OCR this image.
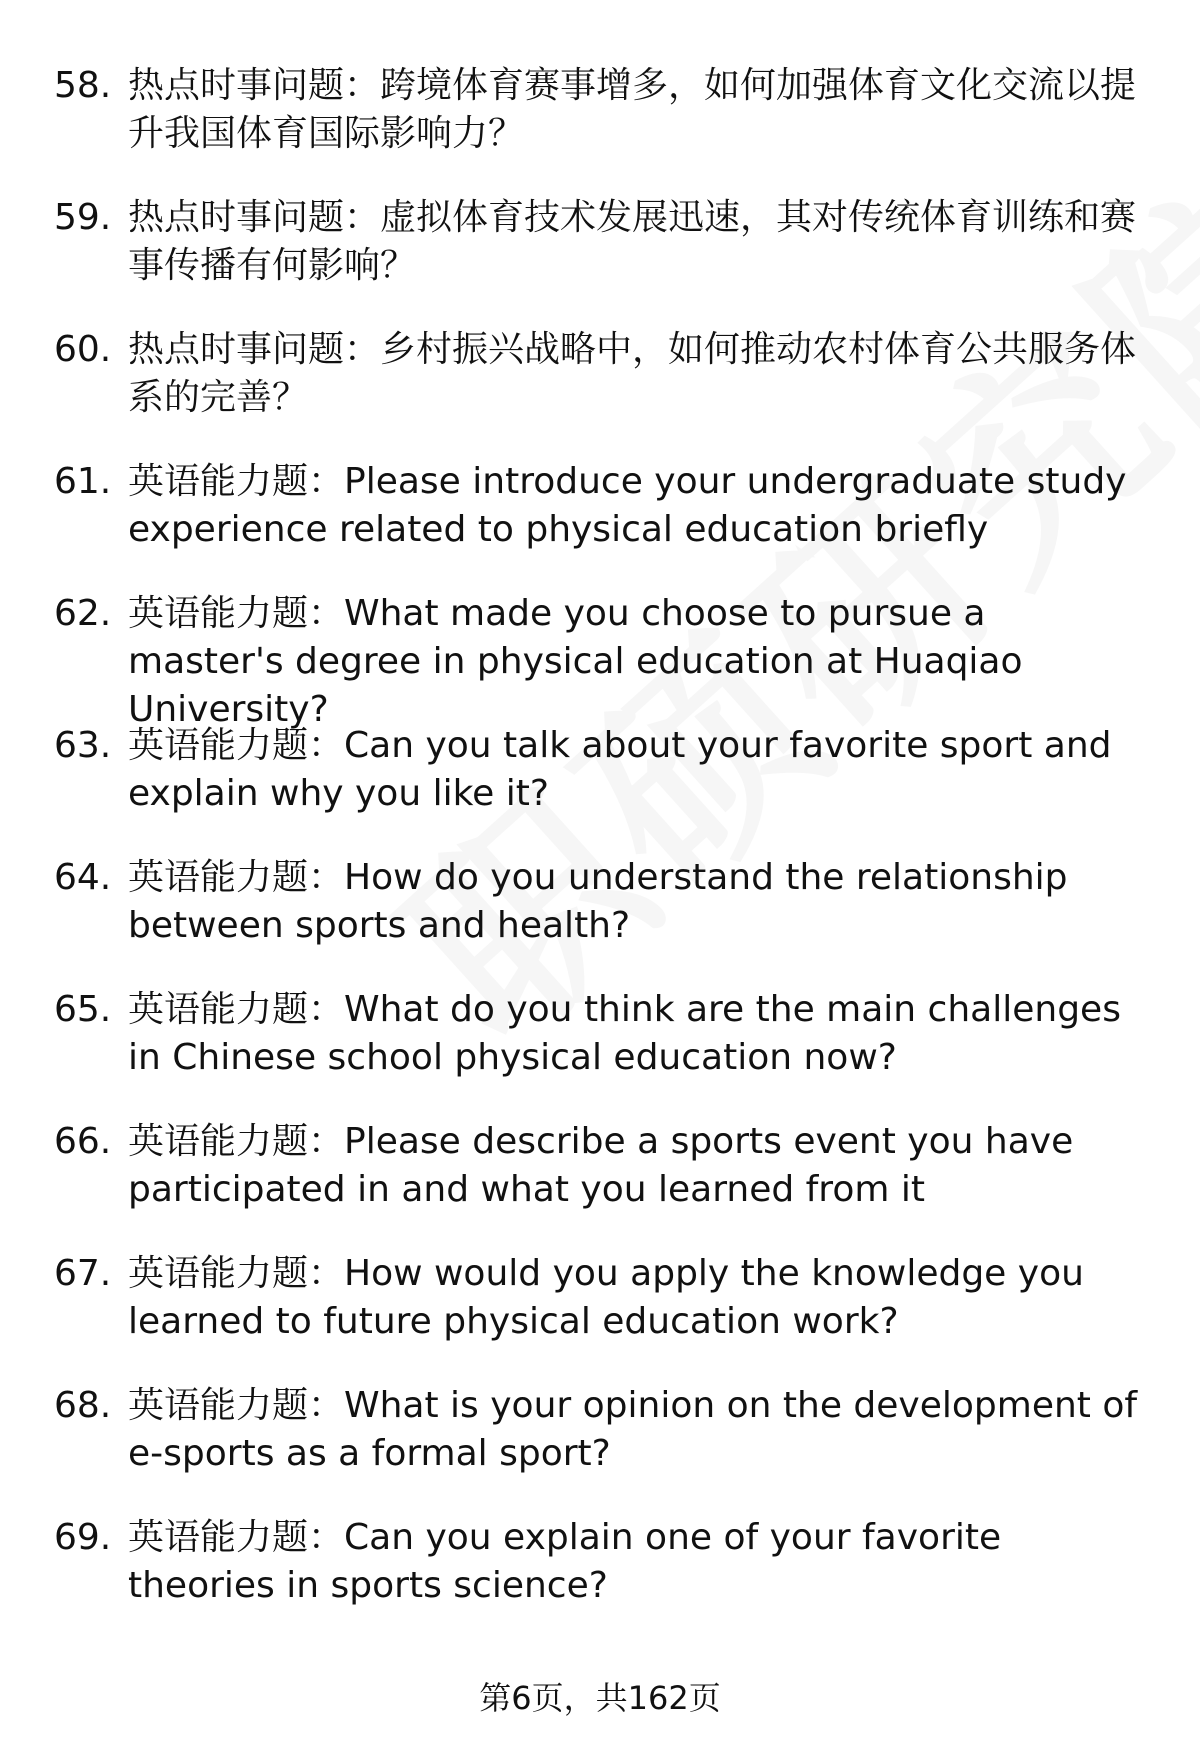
58. 热点时事问题：跨境体育赛事增多，如何加强体育文化交流以提升我国体育国际影响力？
59. 热点时事问题：虚拟体育技术发展迅速，其对传统体育训练和赛事传播有何影响？
60. 热点时事问题：乡村振兴战略中，如何推动农村体育公共服务体系的完善？
61. 英语能力题：Please introduce your undergraduate study experience related to physical education briefly
62. 英语能力题：What made you choose to pursue a master's degree in physical education at Huaqiao University?
63. 英语能力题：Can you talk about your favorite sport and explain why you like it?
64. 英语能力题：How do you understand the relationship between sports and health?
65. 英语能力题：What do you think are the main challenges in Chinese school physical education now?
66. 英语能力题：Please describe a sports event you have participated in and what you learned from it
67. 英语能力题：How would you apply the knowledge you learned to future physical education work?
68. 英语能力题：What is your opinion on the development of e-sports as a formal sport?
69. 英语能力题：Can you explain one of your favorite theories in sports science?
第6页，共162页
